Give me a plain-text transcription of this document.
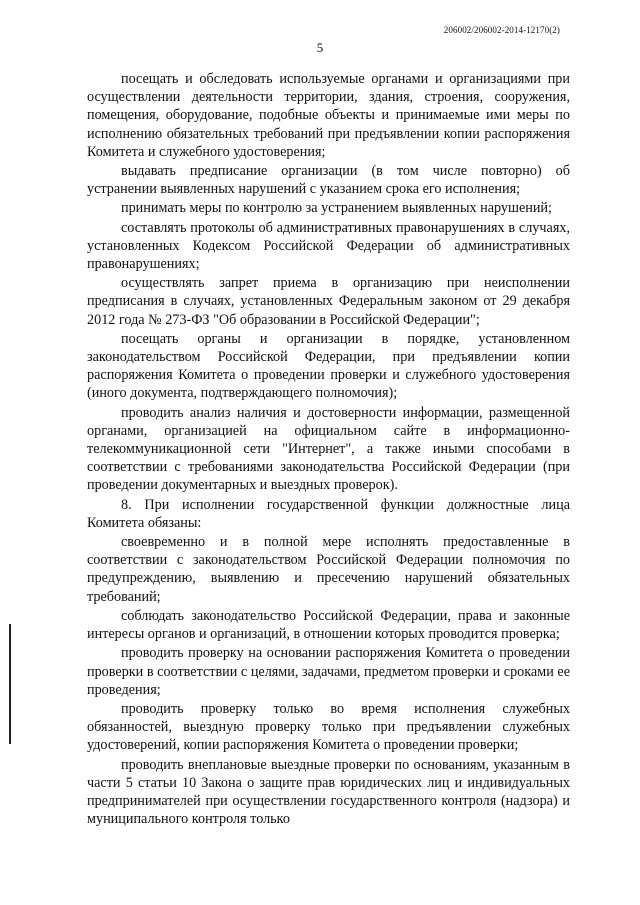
206002/206002-2014-12170(2)
5

посещать и обследовать используемые органами и организациями при осуществлении деятельности территории, здания, строения, сооружения, помещения, оборудование, подобные объекты и принимаемые ими меры по исполнению обязательных требований при предъявлении копии распоряжения Комитета и служебного удостоверения;

выдавать предписание организации (в том числе повторно) об устранении выявленных нарушений с указанием срока его исполнения;

принимать меры по контролю за устранением выявленных нарушений;

составлять протоколы об административных правонарушениях в случаях, установленных Кодексом Российской Федерации об административных правонарушениях;

осуществлять запрет приема в организацию при неисполнении предписания в случаях, установленных Федеральным законом от 29 декабря 2012 года № 273-ФЗ "Об образовании в Российской Федерации";

посещать органы и организации в порядке, установленном законодательством Российской Федерации, при предъявлении копии распоряжения Комитета о проведении проверки и служебного удостоверения (иного документа, подтверждающего полномочия);

проводить анализ наличия и достоверности информации, размещенной органами, организацией на официальном сайте в информационно-телекоммуникационной сети "Интернет", а также иными способами в соответствии с требованиями законодательства Российской Федерации (при проведении документарных и выездных проверок).

8. При исполнении государственной функции должностные лица Комитета обязаны:

своевременно и в полной мере исполнять предоставленные в соответствии с законодательством Российской Федерации полномочия по предупреждению, выявлению и пресечению нарушений обязательных требований;

соблюдать законодательство Российской Федерации, права и законные интересы органов и организаций, в отношении которых проводится проверка;

проводить проверку на основании распоряжения Комитета о проведении проверки в соответствии с целями, задачами, предметом проверки и сроками ее проведения;

проводить проверку только во время исполнения служебных обязанностей, выездную проверку только при предъявлении служебных удостоверений, копии распоряжения Комитета о проведении проверки;

проводить внеплановые выездные проверки по основаниям, указанным в части 5 статьи 10 Закона о защите прав юридических лиц и индивидуальных предпринимателей при осуществлении государственного контроля (надзора) и муниципального контроля только
